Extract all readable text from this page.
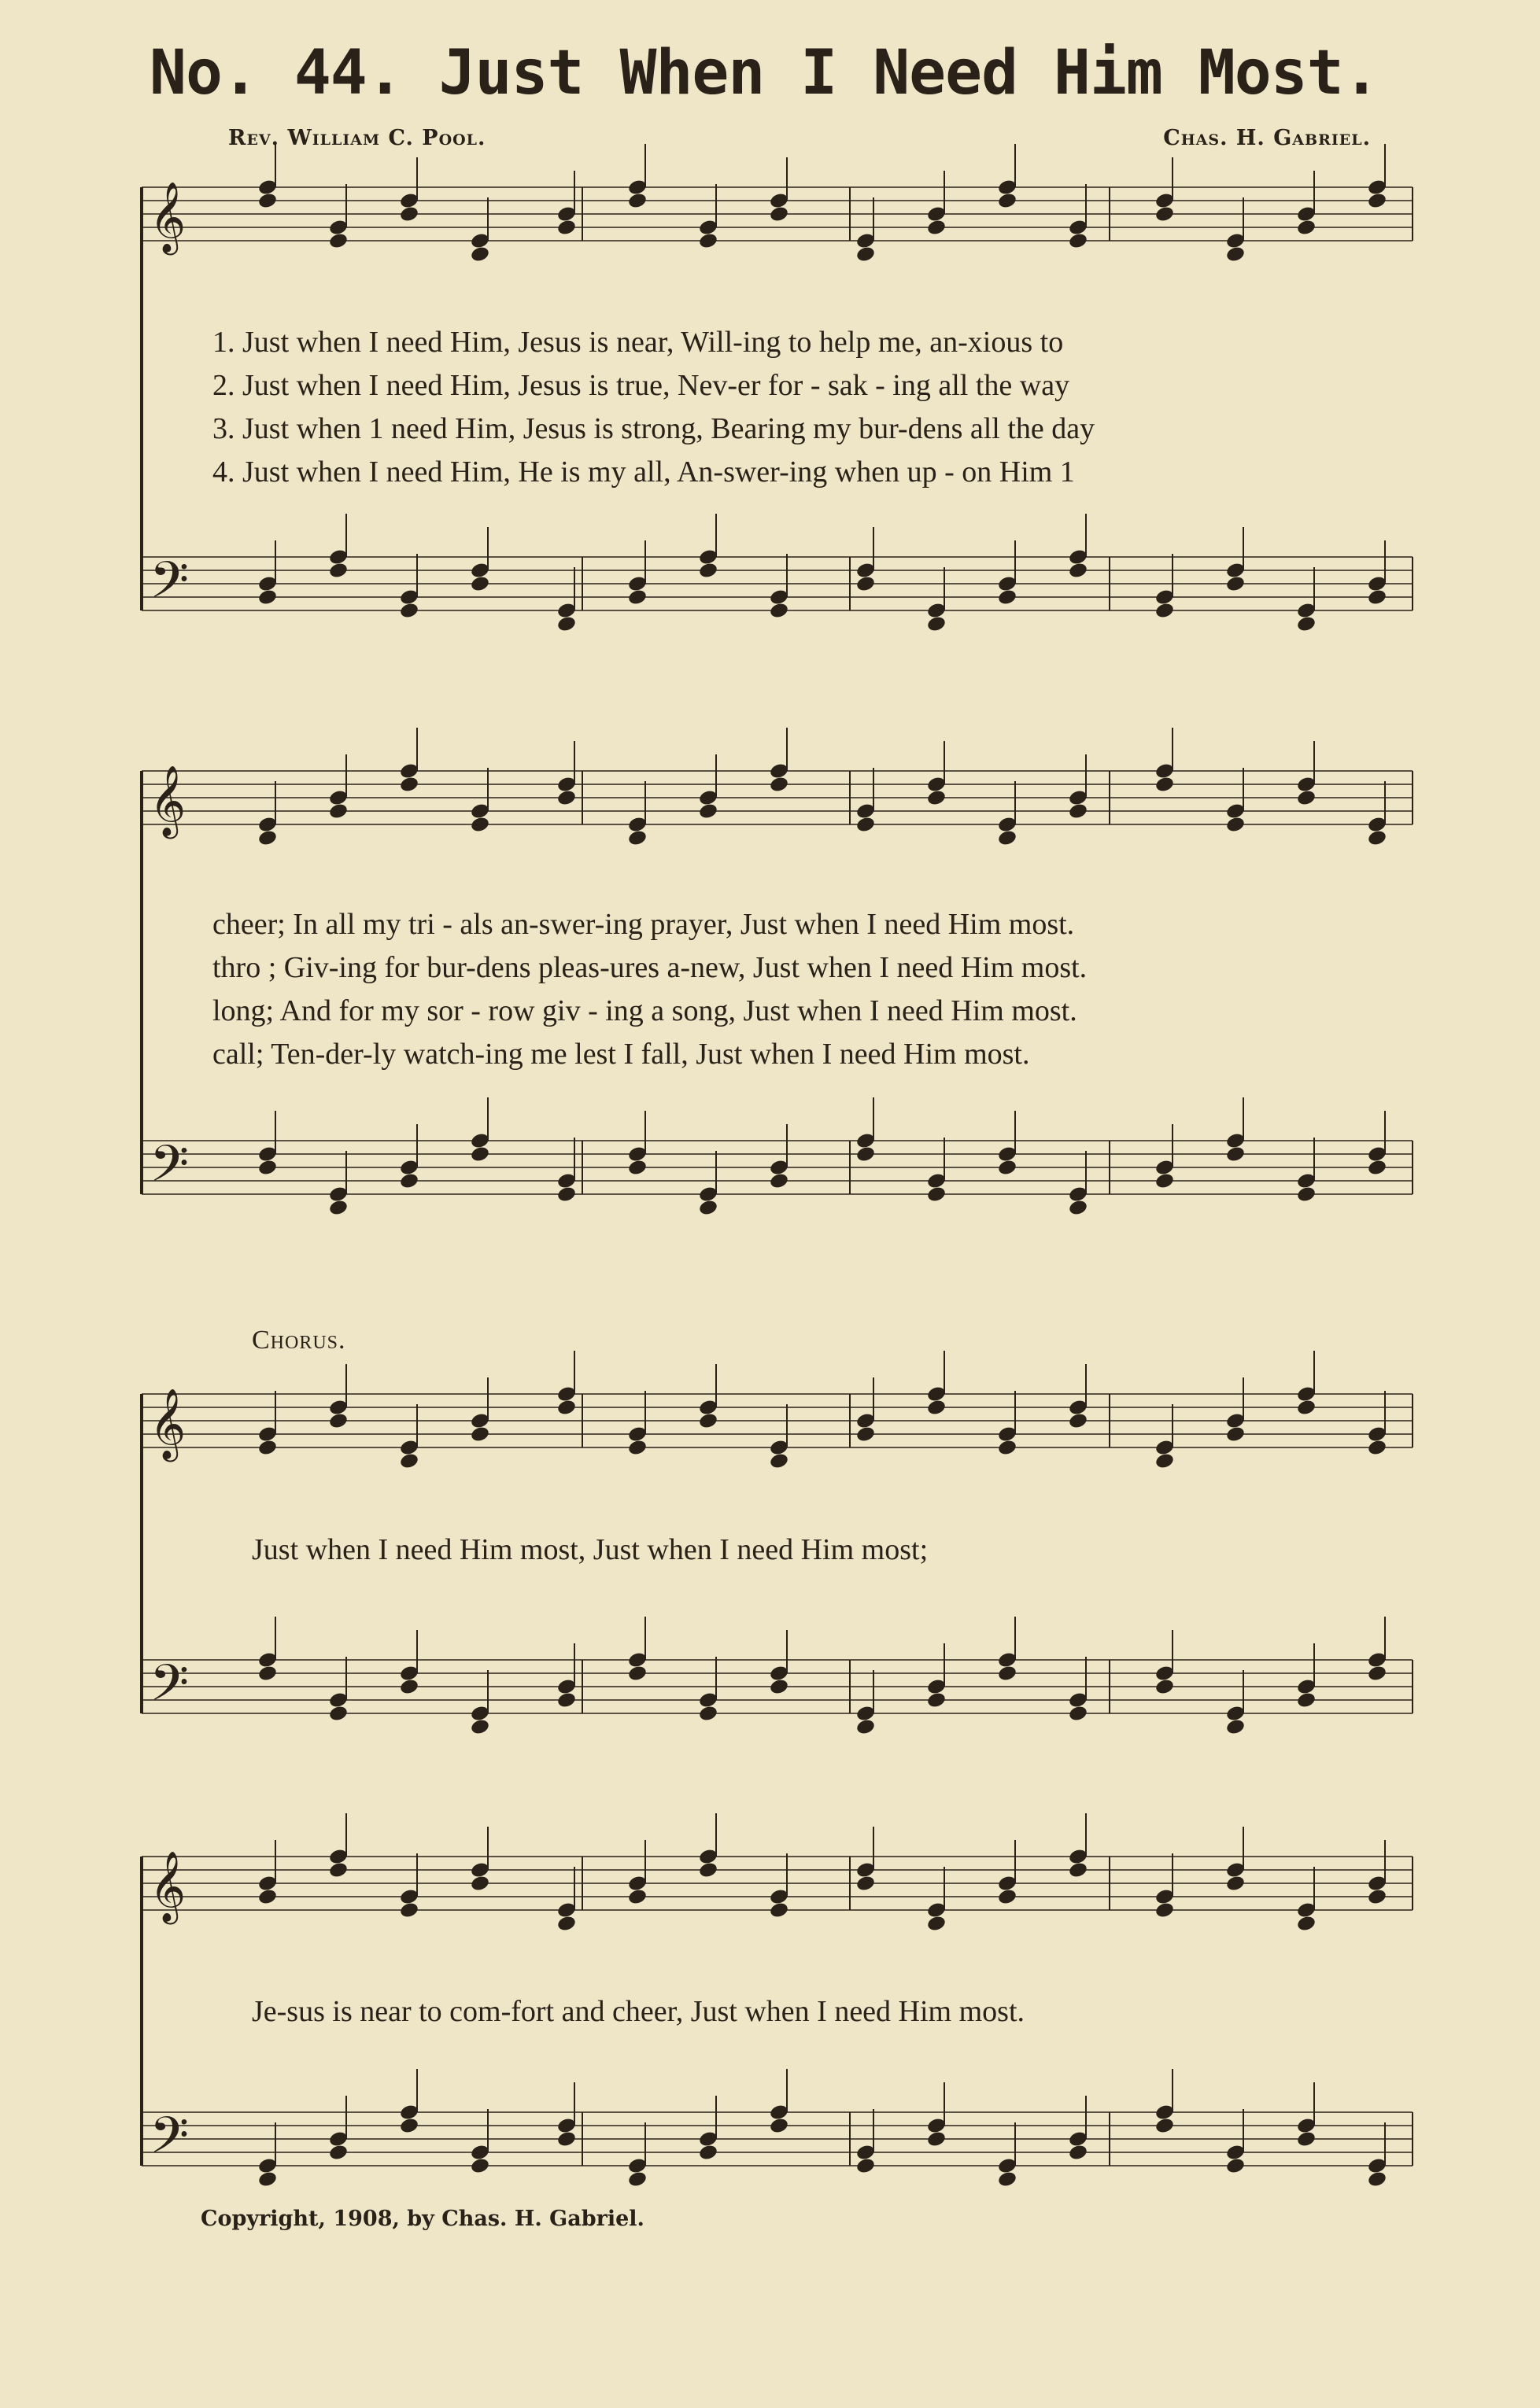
No. 44. Just When I Need Him Most.
Rev. William C. Pool.	Chas. H. Gabriel.
𝄞
𝄢
𝄞
𝄢
𝄞
𝄢
𝄞
𝄢
1. Just when I need Him, Jesus is near, Will-ing to help me, an-xious to
2. Just when I need Him, Jesus is true, Nev-er for - sak - ing all the way
3. Just when 1 need Him, Jesus is strong, Bearing my bur-dens all the day
4. Just when I need Him, He is my all, An-swer-ing when up - on Him 1
cheer; In all my tri - als an-swer-ing prayer, Just when I need Him most.
thro ; Giv-ing for bur-dens pleas-ures a-new, Just when I need Him most.
long; And for my sor - row giv - ing a song, Just when I need Him most.
call; Ten-der-ly watch-ing me lest I fall, Just when I need Him most.
Chorus.
Just when I need Him most, Just when I need Him most;
Je-sus is near to com-fort and cheer, Just when I need Him most.
Copyright, 1908, by Chas. H. Gabriel.
